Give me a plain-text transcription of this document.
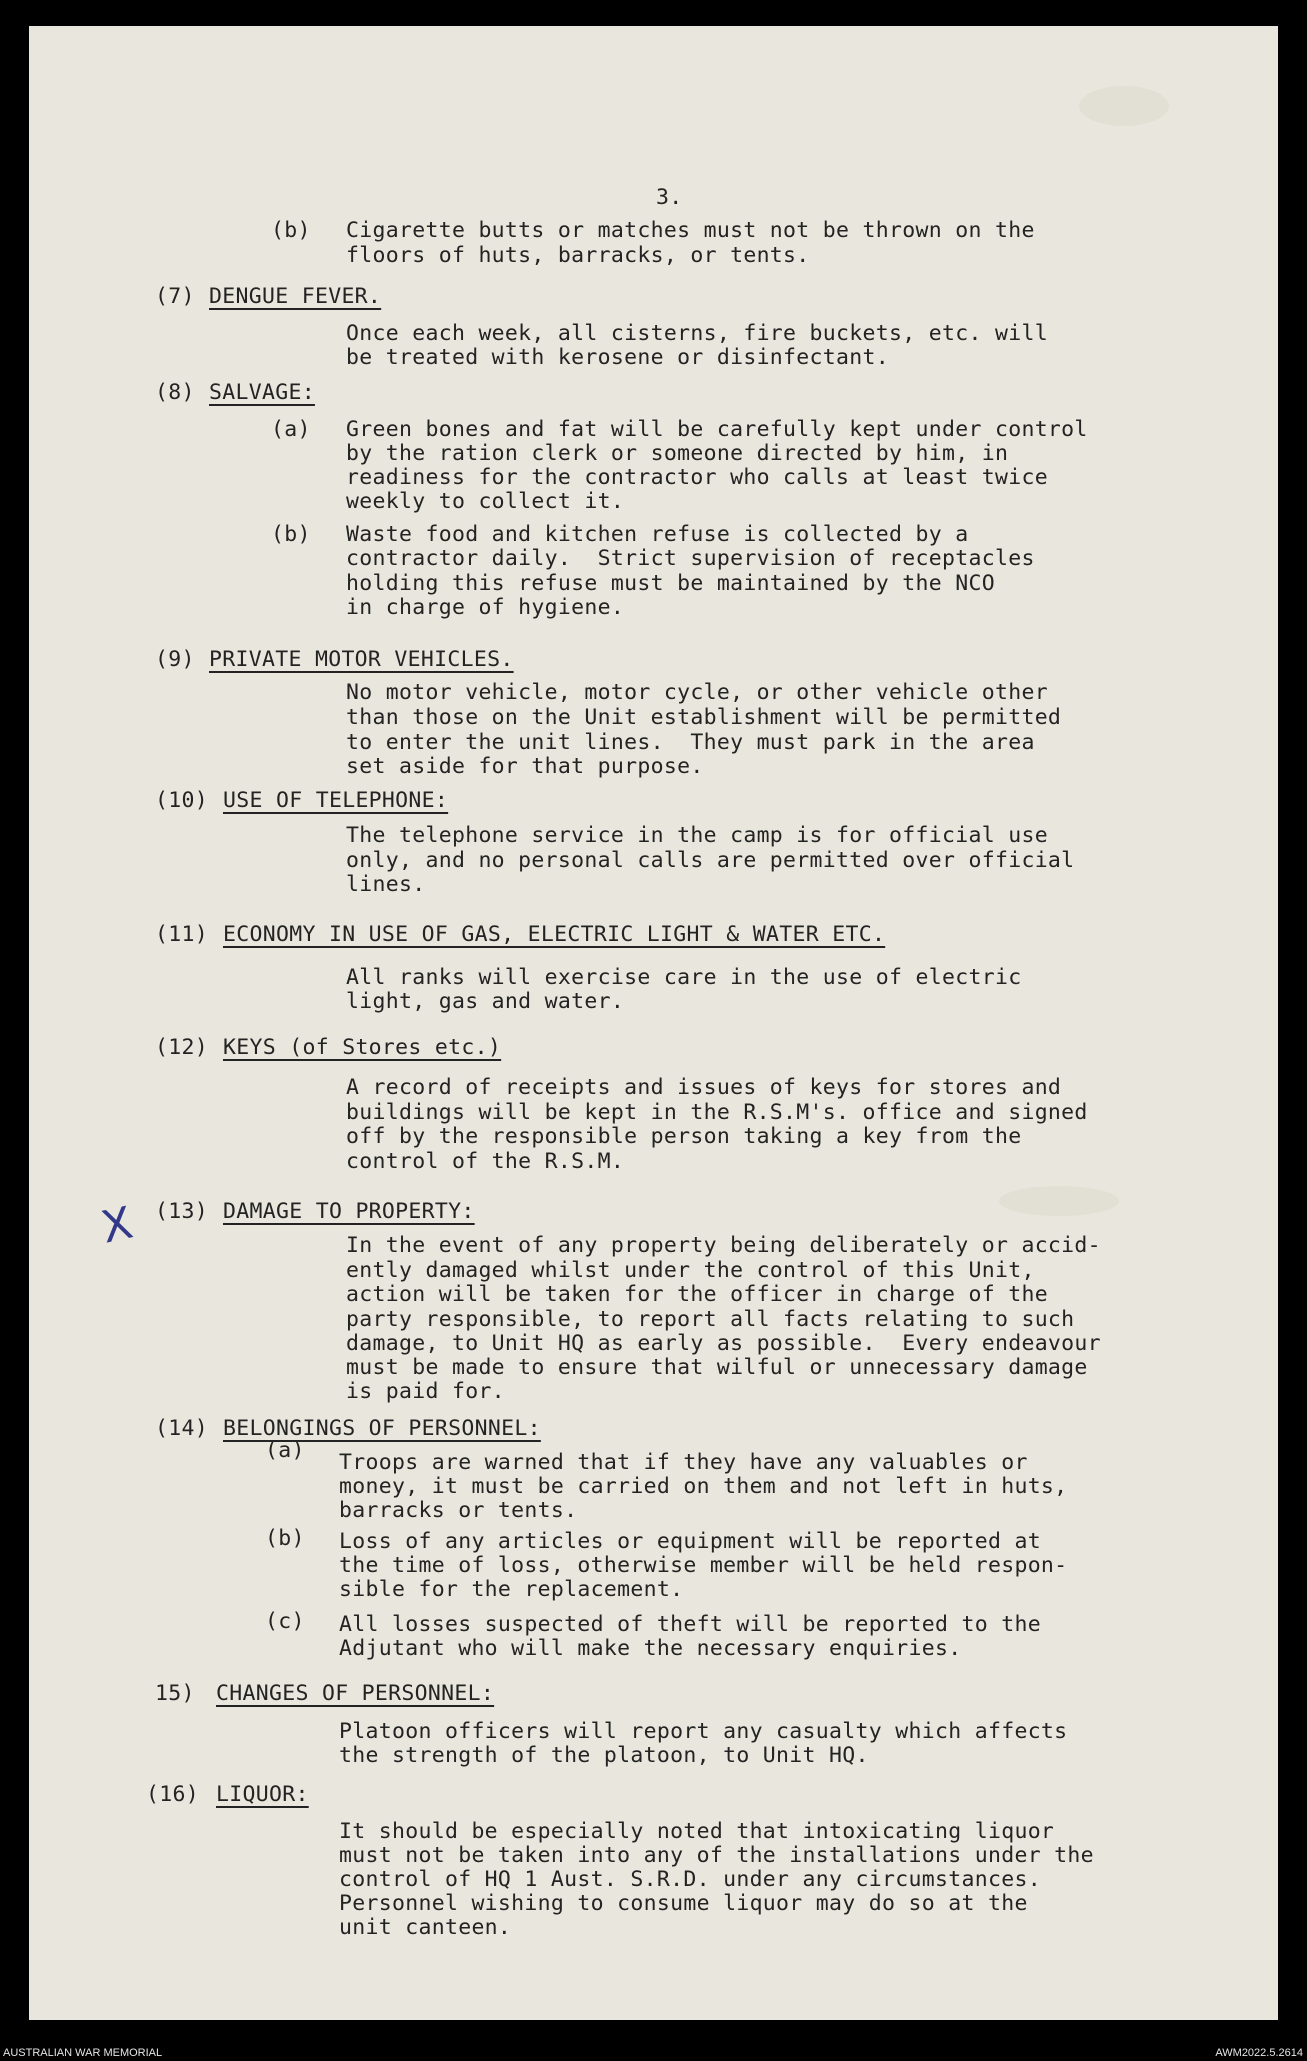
3.
(b) Cigarette butts or matches must not be thrown on the
floors of huts, barracks, or tents.
(7) DENGUE FEVER.
Once each week, all cisterns, fire buckets, etc. will
be treated with kerosene or disinfectant.
(8) SALVAGE:
(a) Green bones and fat will be carefully kept under control
by the ration clerk or someone directed by him, in
readiness for the contractor who calls at least twice
weekly to collect it.
(b) Waste food and kitchen refuse is collected by a
contractor daily.  Strict supervision of receptacles
holding this refuse must be maintained by the NCO
in charge of hygiene.
(9) PRIVATE MOTOR VEHICLES.
No motor vehicle, motor cycle, or other vehicle other
than those on the Unit establishment will be permitted
to enter the unit lines.  They must park in the area
set aside for that purpose.
(10) USE OF TELEPHONE:
The telephone service in the camp is for official use
only, and no personal calls are permitted over official
lines.
(11) ECONOMY IN USE OF GAS, ELECTRIC LIGHT & WATER ETC.
All ranks will exercise care in the use of electric
light, gas and water.
(12) KEYS (of Stores etc.)
A record of receipts and issues of keys for stores and
buildings will be kept in the R.S.M's. office and signed
off by the responsible person taking a key from the
control of the R.S.M.
X (13) DAMAGE TO PROPERTY:
In the event of any property being deliberately or accid-
ently damaged whilst under the control of this Unit,
action will be taken for the officer in charge of the
party responsible, to report all facts relating to such
damage, to Unit HQ as early as possible.  Every endeavour
must be made to ensure that wilful or unnecessary damage
is paid for.
(14) BELONGINGS OF PERSONNEL:
(a) Troops are warned that if they have any valuables or
money, it must be carried on them and not left in huts,
barracks or tents.
(b) Loss of any articles or equipment will be reported at
the time of loss, otherwise member will be held respon-
sible for the replacement.
(c) All losses suspected of theft will be reported to the
Adjutant who will make the necessary enquiries.
15) CHANGES OF PERSONNEL:
Platoon officers will report any casualty which affects
the strength of the platoon, to Unit HQ.
(16) LIQUOR:
It should be especially noted that intoxicating liquor
must not be taken into any of the installations under the
control of HQ 1 Aust. S.R.D. under any circumstances.
Personnel wishing to consume liquor may do so at the
unit canteen.
AUSTRALIAN WAR MEMORIAL	AWM2022.5.2614
